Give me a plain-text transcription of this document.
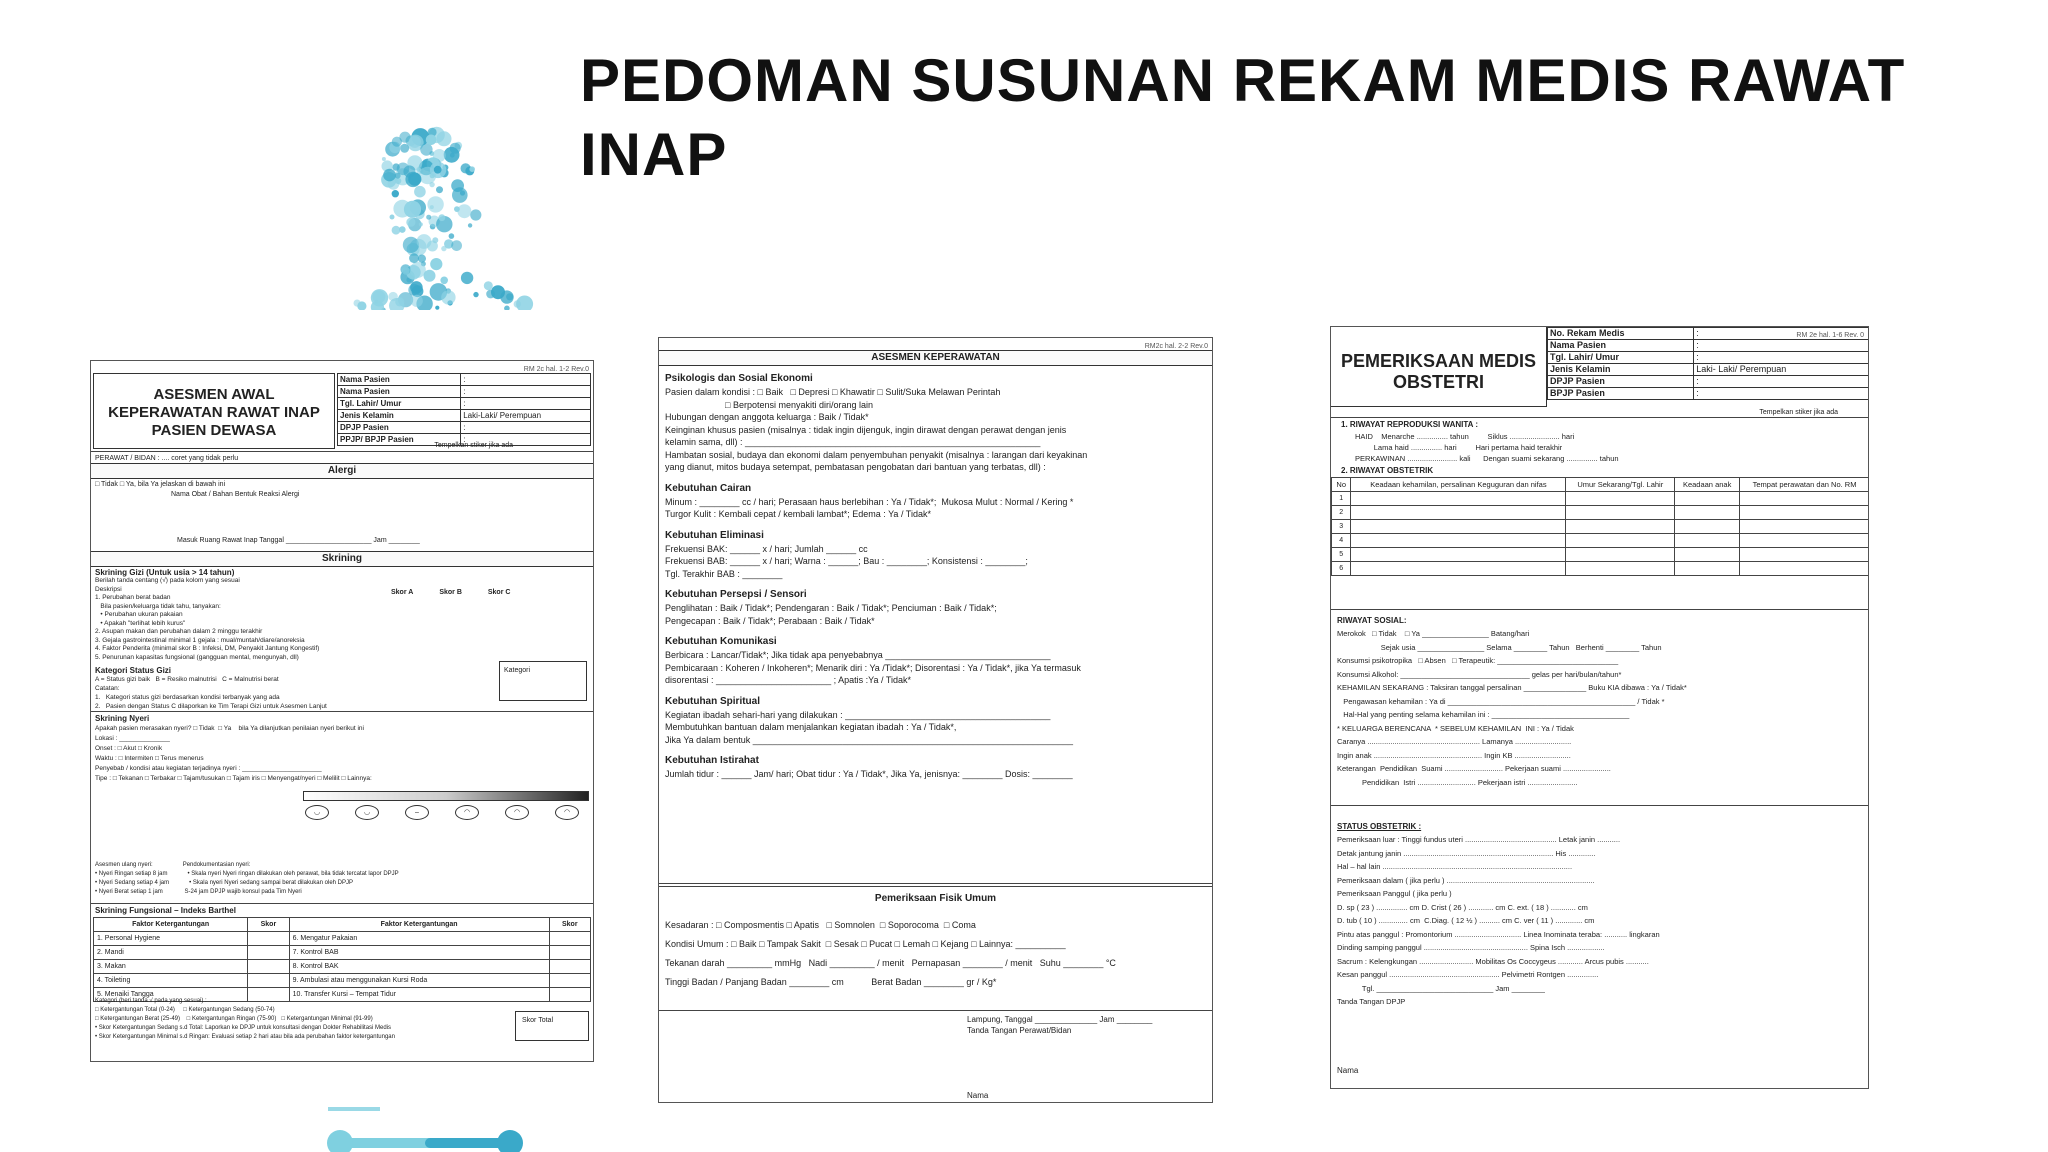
PEDOMAN SUSUNAN REKAM MEDIS RAWAT INAP
RM 2c hal. 1-2 Rev.0
ASESMEN AWAL KEPERAWATAN RAWAT INAP PASIEN DEWASA
Nama Pasien	:
Nama Pasien	:
Tgl. Lahir/ Umur	:
Jenis Kelamin	Laki-Laki/ Perempuan
DPJP Pasien	:
PPJP/ BPJP Pasien	:
Tempelkan stiker jika ada
PERAWAT / BIDAN : .... coret yang tidak perlu
Alergi
□ Tidak □ Ya, bila Ya jelaskan di bawah ini
Nama Obat / Bahan Bentuk Reaksi Alergi
Masuk Ruang Rawat Inap Tanggal ______________________ Jam ________
Skrining
Skrining Gizi (Untuk usia > 14 tahun)
Berilah tanda centang (√) pada kolom yang sesuai
Deskripsi
1. Perubahan berat badan
Bila pasien/keluarga tidak tahu, tanyakan:
• Perubahan ukuran pakaian
• Apakah "terlihat lebih kurus"
2. Asupan makan dan perubahan dalam 2 minggu terakhir
3. Gejala gastrointestinal minimal 1 gejala : mual/muntah/diare/anoreksia
4. Faktor Penderita (minimal skor B : Infeksi, DM, Penyakit Jantung Kongestif)
5. Penurunan kapasitas fungsional (gangguan mental, mengunyah, dll)
Skor A	Skor B	Skor C
Kategori Status Gizi
A = Status gizi baik   B = Resiko malnutrisi   C = Malnutrisi berat
Catatan:
1.   Kategori status gizi berdasarkan kondisi terbanyak yang ada
2.   Pasien dengan Status C dilaporkan ke Tim Terapi Gizi untuk Asesmen Lanjut
Kategori
Skrining Nyeri
Apakah pasien merasakan nyeri? □ Tidak  □ Ya    bila Ya dilanjutkan penilaian nyeri berikut ini
Lokasi : ______________
Onset : □ Akut □ Kronik
Waktu : □ Intermiten □ Terus menerus
Penyebab / kondisi atau kegiatan terjadinya nyeri : ______________________
Tipe : □ Tekanan □ Terbakar □ Tajam/tusukan □ Tajam iris □ Menyengat/nyeri □ Melilit □ Lainnya:
◡	◡	–	◠	◠	◠
Asesmen ulang nyeri:                  Pendokumentasian nyeri:
• Nyeri Ringan setiap 8 jam            • Skala nyeri Nyeri ringan dilakukan oleh perawat, bila tidak tercatat lapor DPJP
• Nyeri Sedang setiap 4 jam            • Skala nyeri Nyeri sedang sampai berat dilakukan oleh DPJP
• Nyeri Berat setiap 1 jam             S-24 jam DPJP wajib konsul pada Tim Nyeri
Skrining Fungsional – Indeks Barthel
Faktor Ketergantungan	Skor	Faktor Ketergantungan	Skor
1. Personal Hygiene		6. Mengatur Pakaian	
2. Mandi		7. Kontrol BAB	
3. Makan		8. Kontrol BAK	
4. Toileting		9. Ambulasi atau menggunakan Kursi Roda	
5. Menaiki Tangga		10. Transfer Kursi – Tempat Tidur	
Kategori (beri tanda √ pada yang sesuai) :
□ Ketergantungan Total (0-24)     □ Ketergantungan Sedang (50-74)
□ Ketergantungan Berat (25-49)    □ Ketergantungan Ringan (75-90)   □ Ketergantungan Minimal (91-99)
• Skor Ketergantungan Sedang s.d Total: Laporkan ke DPJP untuk konsultasi dengan Dokter Rehabilitasi Medis
• Skor Ketergantungan Minimal s.d Ringan: Evaluasi setiap 2 hari atau bila ada perubahan faktor ketergantungan
Skor Total
RM2c hal. 2-2 Rev.0
ASESMEN KEPERAWATAN
Psikologis dan Sosial Ekonomi
Pasien dalam kondisi : □ Baik   □ Depresi □ Khawatir □ Sulit/Suka Melawan Perintah
□ Berpotensi menyakiti diri/orang lain
Hubungan dengan anggota keluarga : Baik / Tidak*
Keinginan khusus pasien (misalnya : tidak ingin dijenguk, ingin dirawat dengan perawat dengan jenis
kelamin sama, dll) : ___________________________________________________________
Hambatan sosial, budaya dan ekonomi dalam penyembuhan penyakit (misalnya : larangan dari keyakinan
yang dianut, mitos budaya setempat, pembatasan pengobatan dari bantuan yang terbatas, dll) :
Kebutuhan Cairan
Minum : ________ cc / hari; Perasaan haus berlebihan : Ya / Tidak*;  Mukosa Mulut : Normal / Kering *
Turgor Kulit : Kembali cepat / kembali lambat*; Edema : Ya / Tidak*
Kebutuhan Eliminasi
Frekuensi BAK: ______ x / hari; Jumlah ______ cc
Frekuensi BAB: ______ x / hari; Warna : ______; Bau : ________; Konsistensi : ________;
Tgl. Terakhir BAB : ________
Kebutuhan Persepsi / Sensori
Penglihatan : Baik / Tidak*; Pendengaran : Baik / Tidak*; Penciuman : Baik / Tidak*;
Pengecapan : Baik / Tidak*; Perabaan : Baik / Tidak*
Kebutuhan Komunikasi
Berbicara : Lancar/Tidak*; Jika tidak apa penyebabnya _________________________________
Pembicaraan : Koheren / Inkoheren*; Menarik diri : Ya /Tidak*; Disorentasi : Ya / Tidak*, jika Ya termasuk
disorentasi : _______________________ ; Apatis :Ya / Tidak*
Kebutuhan Spiritual
Kegiatan ibadah sehari-hari yang dilakukan : _________________________________________
Membutuhkan bantuan dalam menjalankan kegiatan ibadah : Ya / Tidak*,
Jika Ya dalam bentuk ________________________________________________________________
Kebutuhan Istirahat
Jumlah tidur : ______ Jam/ hari; Obat tidur : Ya / Tidak*, Jika Ya, jenisnya: ________ Dosis: ________
Pemeriksaan Fisik Umum
Kesadaran : □ Composmentis □ Apatis   □ Somnolen  □ Soporocoma  □ Coma
Kondisi Umum : □ Baik □ Tampak Sakit  □ Sesak □ Pucat □ Lemah □ Kejang □ Lainnya: __________
Tekanan darah _________ mmHg   Nadi _________ / menit   Pernapasan ________ / menit   Suhu ________ °C
Tinggi Badan / Panjang Badan ________ cm           Berat Badan ________ gr / Kg*
Lampung, Tanggal ______________ Jam ________
Tanda Tangan Perawat/Bidan
Nama
RM 2e hal. 1-6 Rev. 0
PEMERIKSAAN MEDIS OBSTETRI
No. Rekam Medis	:
Nama Pasien	:
Tgl. Lahir/ Umur	:
Jenis Kelamin	Laki- Laki/ Perempuan
DPJP Pasien	:
BPJP Pasien	:
Tempelkan stiker jika ada
1. RIWAYAT REPRODUKSI WANITA :
HAID    Menarche ............... tahun         Siklus ........................ hari
Lama haid ............... hari         Hari pertama haid terakhir
PERKAWINAN ........................ kali      Dengan suami sekarang ............... tahun
2. RIWAYAT OBSTETRIK
No	Keadaan kehamilan, persalinan Keguguran dan nifas	Umur Sekarang/Tgl. Lahir	Keadaan anak	Tempat perawatan dan No. RM
1				
2				
3				
4				
5				
6				
RIWAYAT SOSIAL:
Merokok   □ Tidak    □ Ya ________________ Batang/hari
Sejak usia ________________ Selama ________ Tahun   Berhenti ________ Tahun
Konsumsi psikotropika   □ Absen   □ Terapeutik: _____________________________
Konsumsi Alkohol: _______________________________ gelas per hari/bulan/tahun*
KEHAMILAN SEKARANG : Taksiran tanggal persalinan _______________ Buku KIA dibawa : Ya / Tidak*
Pengawasan kehamilan : Ya di _____________________________________________ / Tidak *
Hal-Hal yang penting selama kehamilan ini : _________________________________
* KELUARGA BERENCANA  * SEBELUM KEHAMILAN  INI : Ya / Tidak
Caranya ...................................................... Lamanya ...........................
Ingin anak .................................................... Ingin KB ...........................
Keterangan  Pendidikan  Suami ............................ Pekerjaan suami .......................
Pendidikan  Istri ............................ Pekerjaan istri ........................
STATUS OBSTETRIK :
Pemeriksaan luar : Tinggi fundus uteri ............................................ Letak janin ...........
Detak jantung janin ........................................................................ His .............
Hal – hal lain ...........................................................................................
Pemeriksaan dalam ( jika perlu ) .......................................................................
Pemeriksaan Panggul ( jika perlu )
D. sp ( 23 ) ............... cm D. Crist ( 26 ) ............ cm C. ext. ( 18 ) ............ cm
D. tub ( 10 ) .............. cm  C.Diag. ( 12 ½ ) .......... cm C. ver ( 11 ) ............. cm
Pintu atas panggul : Promontorium ................................ Linea Inominata teraba: ........... lingkaran
Dinding samping panggul .................................................. Spina Isch ..................
Sacrum : Kelengkungan .......................... Mobilitas Os Coccygeus ............ Arcus pubis ...........
Kesan panggul ..................................................... Pelvimetri Rontgen ...............
Tgl. ____________________________ Jam ________
Tanda Tangan DPJP
Nama
